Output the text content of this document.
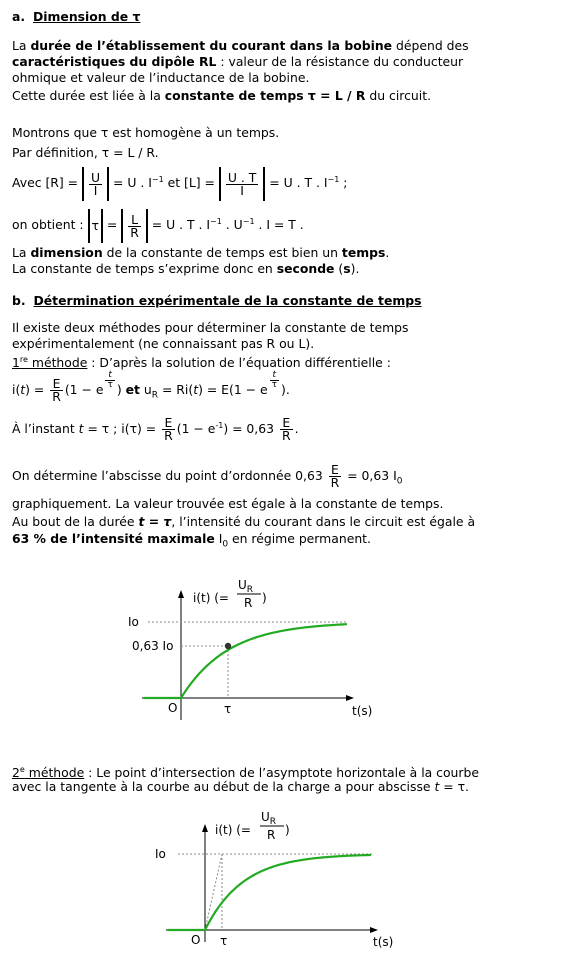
a. Dimension de τ
La durée de l’établissement du courant dans la bobine dépend des
caractéristiques du dipôle RL : valeur de la résistance du conducteur
ohmique et valeur de l’inductance de la bobine.
Cette durée est liée à la constante de temps τ = L / R du circuit.
Montrons que τ est homogène à un temps.
Par définition, τ = L / R.
Avec $[R] = \frac{U}{I} = U$ . $I^{-1}$ et $[L] = \frac{U . T}{I} = U$ . T . $I^{-1}$ ;
on obtient : $\tau = \frac{L}{R} = U$ . T . $I^{-1}$ . $U^{-1}$ . I = T .
La dimension de la constante de temps est bien un temps.
La constante de temps s’exprime donc en seconde (s).
b. Détermination expérimentale de la constante de temps
Il existe deux méthodes pour déterminer la constante de temps
expérimentalement (ne connaissant pas R ou L).
1re méthode : D’après la solution de l’équation différentielle :
$i(t) = \frac{E}{R} (1 - e$ $^{\frac{t}{\tau}}$ ) et $u_R = Ri(t) = E(1 - e$ $^{\frac{t}{\tau}}$ ).
À l’instant t = τ ; $i(\tau) = \frac{E}{R} (1 - e^{-1}) = 0,63 \frac{E}{R}$ .
On détermine l’abscisse du point d’ordonnée $0,63 \frac{E}{R} = 0,63$ $I_0$
graphiquement. La valeur trouvée est égale à la constante de temps.
Au bout de la durée t = τ, l’intensité du courant dans le circuit est égale à
63 % de l’intensité maximale $I_0$ en régime permanent.
i(t) (=
$U_R$
R )
Io
0,63 Io
O	τ	t(s)
2e méthode : Le point d’intersection de l’asymptote horizontale à la courbe
avec la tangente à la courbe au début de la charge a pour abscisse t = τ.
i(t) (=
$U_R$
R )
Io
O τ	t(s)
